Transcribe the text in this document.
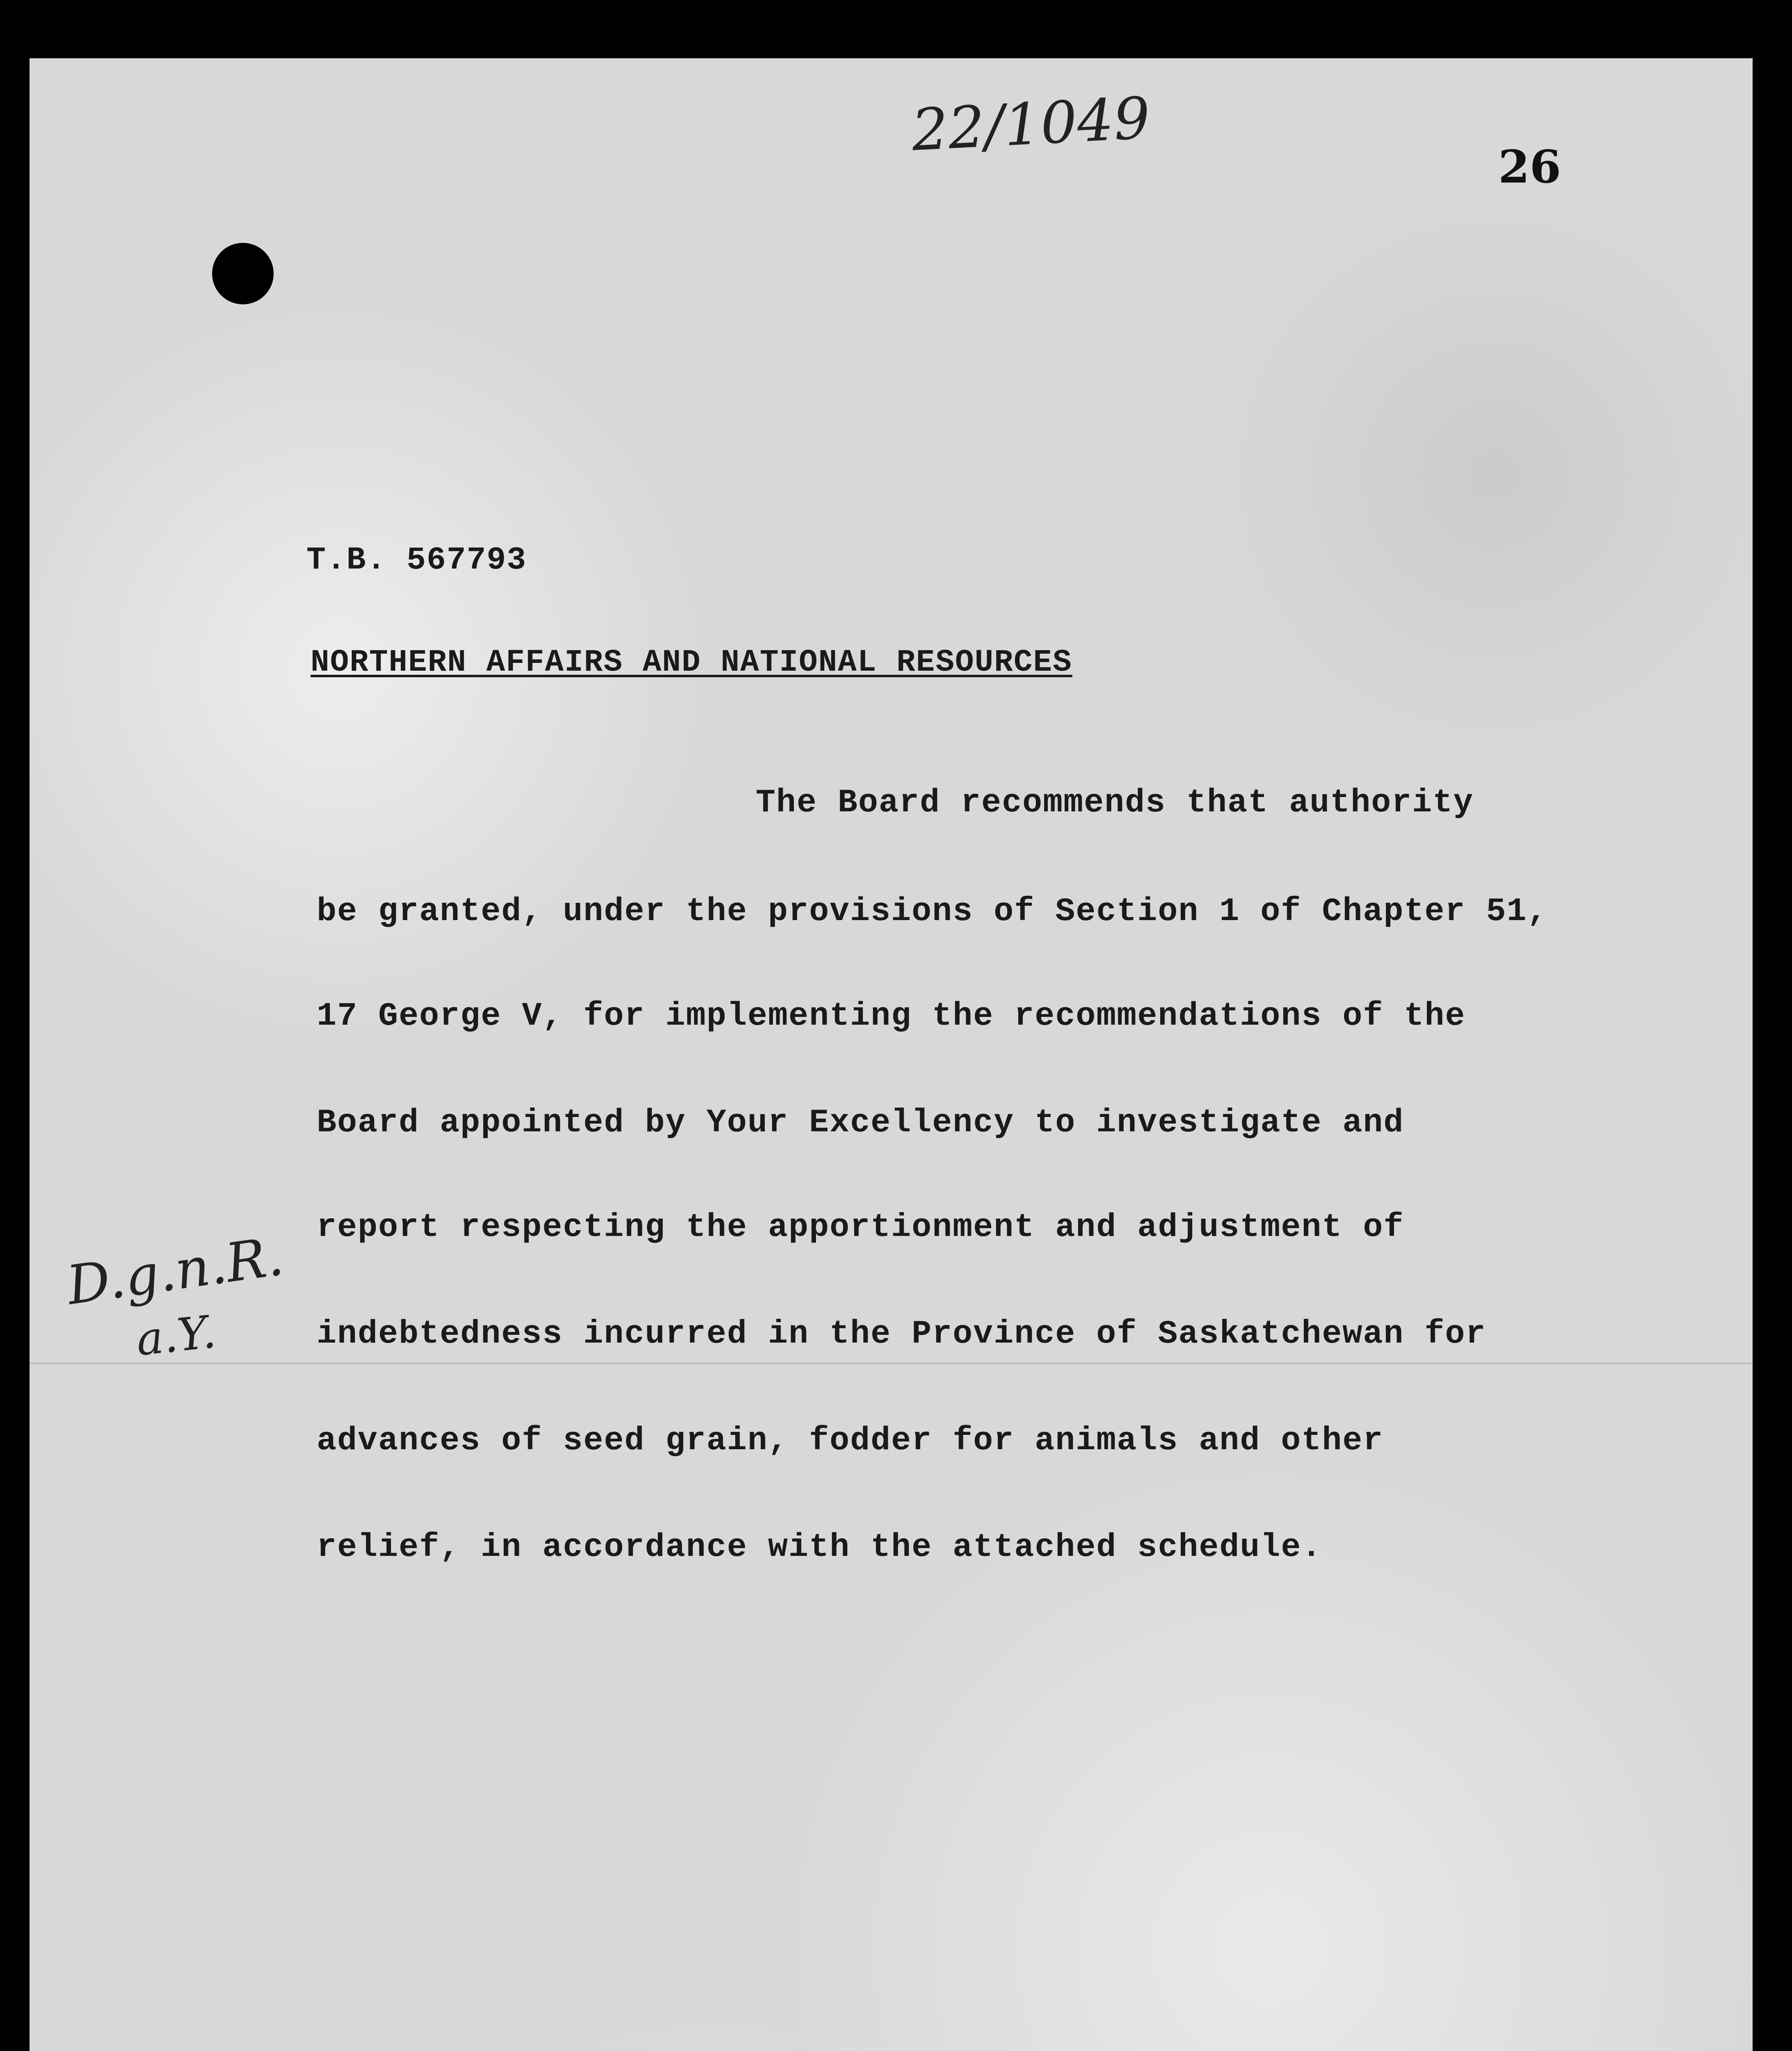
22/1049
26
T.B. 567793
NORTHERN AFFAIRS AND NATIONAL RESOURCES
The Board recommends that authority
be granted, under the provisions of Section 1 of Chapter 51,
17 George V, for implementing the recommendations of the
Board appointed by Your Excellency to investigate and
report respecting the apportionment and adjustment of
indebtedness incurred in the Province of Saskatchewan for
advances of seed grain, fodder for animals and other
relief, in accordance with the attached schedule.
D.g.n.R.
a.Y.
